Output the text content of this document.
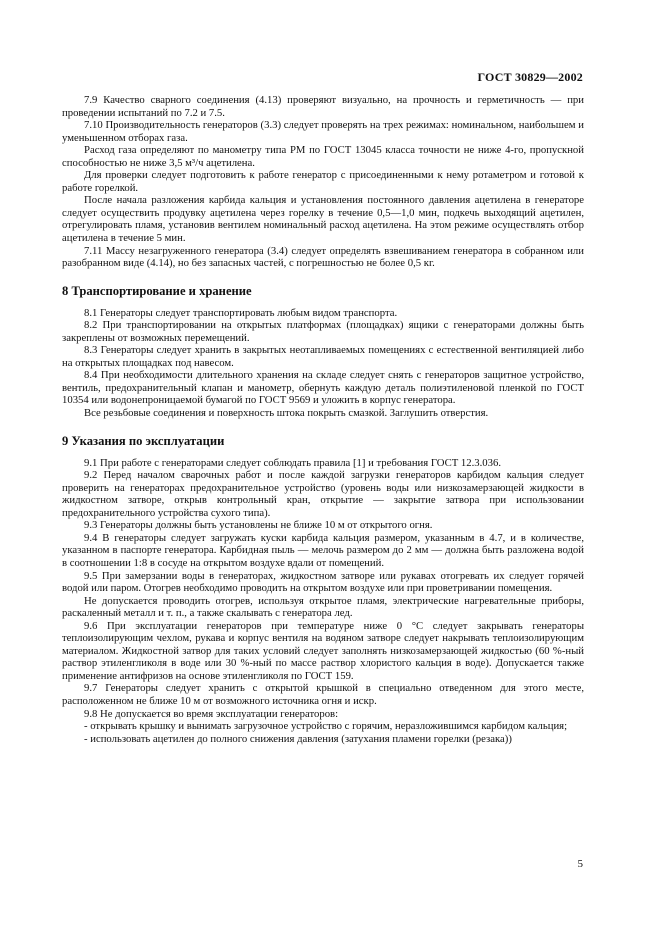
ГОСТ 30829—2002

7.9 Качество сварного соединения (4.13) проверяют визуально, на прочность и герметичность — при проведении испытаний по 7.2 и 7.5.

7.10 Производительность генераторов (3.3) следует проверять на трех режимах: номинальном, наибольшем и уменьшенном отборах газа.

Расход газа определяют по манометру типа РМ по ГОСТ 13045 класса точности не ниже 4-го, пропускной способностью не ниже 3,5 м³/ч ацетилена.

Для проверки следует подготовить к работе генератор с присоединенными к нему ротаметром и готовой к работе горелкой.

После начала разложения карбида кальция и установления постоянного давления ацетилена в генераторе следует осуществить продувку ацетилена через горелку в течение 0,5—1,0 мин, подкечь выходящий ацетилен, отрегулировать пламя, установив вентилем номинальный расход ацетилена. На этом режиме осуществлять отбор ацетилена в течение 5 мин.

7.11 Массу незагруженного генератора (3.4) следует определять взвешиванием генератора в собранном или разобранном виде (4.14), но без запасных частей, с погрешностью не более 0,5 кг.

8 Транспортирование и хранение

8.1 Генераторы следует транспортировать любым видом транспорта.

8.2 При транспортировании на открытых платформах (площадках) ящики с генераторами должны быть закреплены от возможных перемещений.

8.3 Генераторы следует хранить в закрытых неотапливаемых помещениях с естественной вентиляцией либо на открытых площадках под навесом.

8.4 При необходимости длительного хранения на складе следует снять с генераторов защитное устройство, вентиль, предохранительный клапан и манометр, обернуть каждую деталь полиэтиленовой пленкой по ГОСТ 10354 или водонепроницаемой бумагой по ГОСТ 9569 и уложить в корпус генератора.

Все резьбовые соединения и поверхность штока покрыть смазкой. Заглушить отверстия.

9 Указания по эксплуатации

9.1 При работе с генераторами следует соблюдать правила [1] и требования ГОСТ 12.3.036.

9.2 Перед началом сварочных работ и после каждой загрузки генераторов карбидом кальция следует проверить на генераторах предохранительное устройство (уровень воды или низкозамерзающей жидкости в жидкостном затворе, открыв контрольный кран, открытие — закрытие затвора при использовании предохранительного устройства сухого типа).

9.3 Генераторы должны быть установлены не ближе 10 м от открытого огня.

9.4 В генераторы следует загружать куски карбида кальция размером, указанным в 4.7, и в количестве, указанном в паспорте генератора. Карбидная пыль — мелочь размером до 2 мм — должна быть разложена водой в соотношении 1:8 в сосуде на открытом воздухе вдали от помещений.

9.5 При замерзании воды в генераторах, жидкостном затворе или рукавах отогревать их следует горячей водой или паром. Отогрев необходимо проводить на открытом воздухе или при проветривании помещения.

Не допускается проводить отогрев, используя открытое пламя, электрические нагревательные приборы, раскаленный металл и т. п., а также скалывать с генератора лед.

9.6 При эксплуатации генераторов при температуре ниже 0 °С следует закрывать генераторы теплоизолирующим чехлом, рукава и корпус вентиля на водяном затворе следует накрывать теплоизолирующим материалом. Жидкостной затвор для таких условий следует заполнять низкозамерзающей жидкостью (60 %-ный раствор этиленгликоля в воде или 30 %-ный по массе раствор хлористого кальция в воде). Допускается также применение антифризов на основе этиленгликоля по ГОСТ 159.

9.7 Генераторы следует хранить с открытой крышкой в специально отведенном для этого месте, расположенном не ближе 10 м от возможного источника огня и искр.

9.8 Не допускается во время эксплуатации генераторов:

- открывать крышку и вынимать загрузочное устройство с горячим, неразложившимся карбидом кальция;

- использовать ацетилен до полного снижения давления (затухания пламени горелки (резака))

5
